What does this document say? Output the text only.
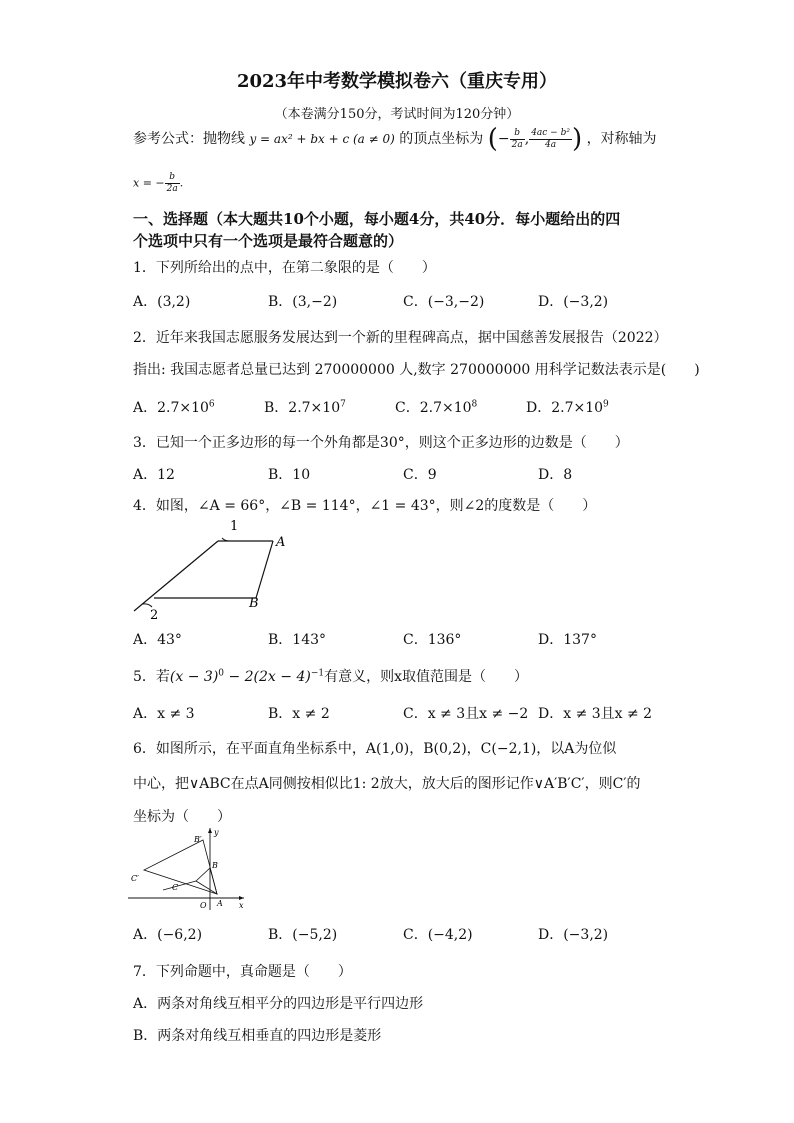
2023年中考数学模拟卷六（重庆专用）
（本卷满分150分，考试时间为120分钟）
参考公式：抛物线 y = ax² + bx + c (a ≠ 0) 的顶点坐标为 (− $\frac{b}{2a}$ , $\frac{\text{4ac − b²}}{4a}$ ) ，对称轴为
x = − $\frac{b}{2a}$ .
一、选择题（本大题共10个小题，每小题4分，共40分．每小题给出的四
个选项中只有一个选项是最符合题意的）
1．下列所给出的点中，在第二象限的是（　　）
A．(3,2)	B．(3,−2)	C．(−3,−2)	D．(−3,2)
2．近年来我国志愿服务发展达到一个新的里程碑高点，据中国慈善发展报告（2022）
指出: 我国志愿者总量已达到 270000000 人,数字 270000000 用科学记数法表示是(　　)
A．$2.7\times 10^6$	B．$2.7\times 10^7$	C．$2.7\times 10^8$	D．$2.7\times 10^9$
3．已知一个正多边形的每一个外角都是30°，则这个正多边形的边数是（　　）
A．12	B．10	C．9	D．8
4．如图，∠A = 66°，∠B = 114°，∠1 = 43°，则∠2的度数是（　　）
1
A
2
B
A．43°	B．143°	C．136°	D．137°
5．若$(x - 3)^0 - 2(2x - 4)^{-1}$有意义，则x取值范围是（　　）
A．x ≠ 3	B．x ≠ 2	C．x ≠ 3且x ≠ −2 D．x ≠ 3且x ≠ 2
6．如图所示，在平面直角坐标系中，A(1,0)，B(0,2)，C(−2,1)，以A为位似
中心，把∨ABC在点A同侧按相似比1: 2放大，放大后的图形记作∨A′B′C′，则C′的
坐标为（　　）
y
x
O A
B
B′
C
C′
A．(−6,2)	B．(−5,2)	C．(−4,2)	D．(−3,2)
7．下列命题中，真命题是（　　）
A．两条对角线互相平分的四边形是平行四边形
B．两条对角线互相垂直的四边形是菱形
